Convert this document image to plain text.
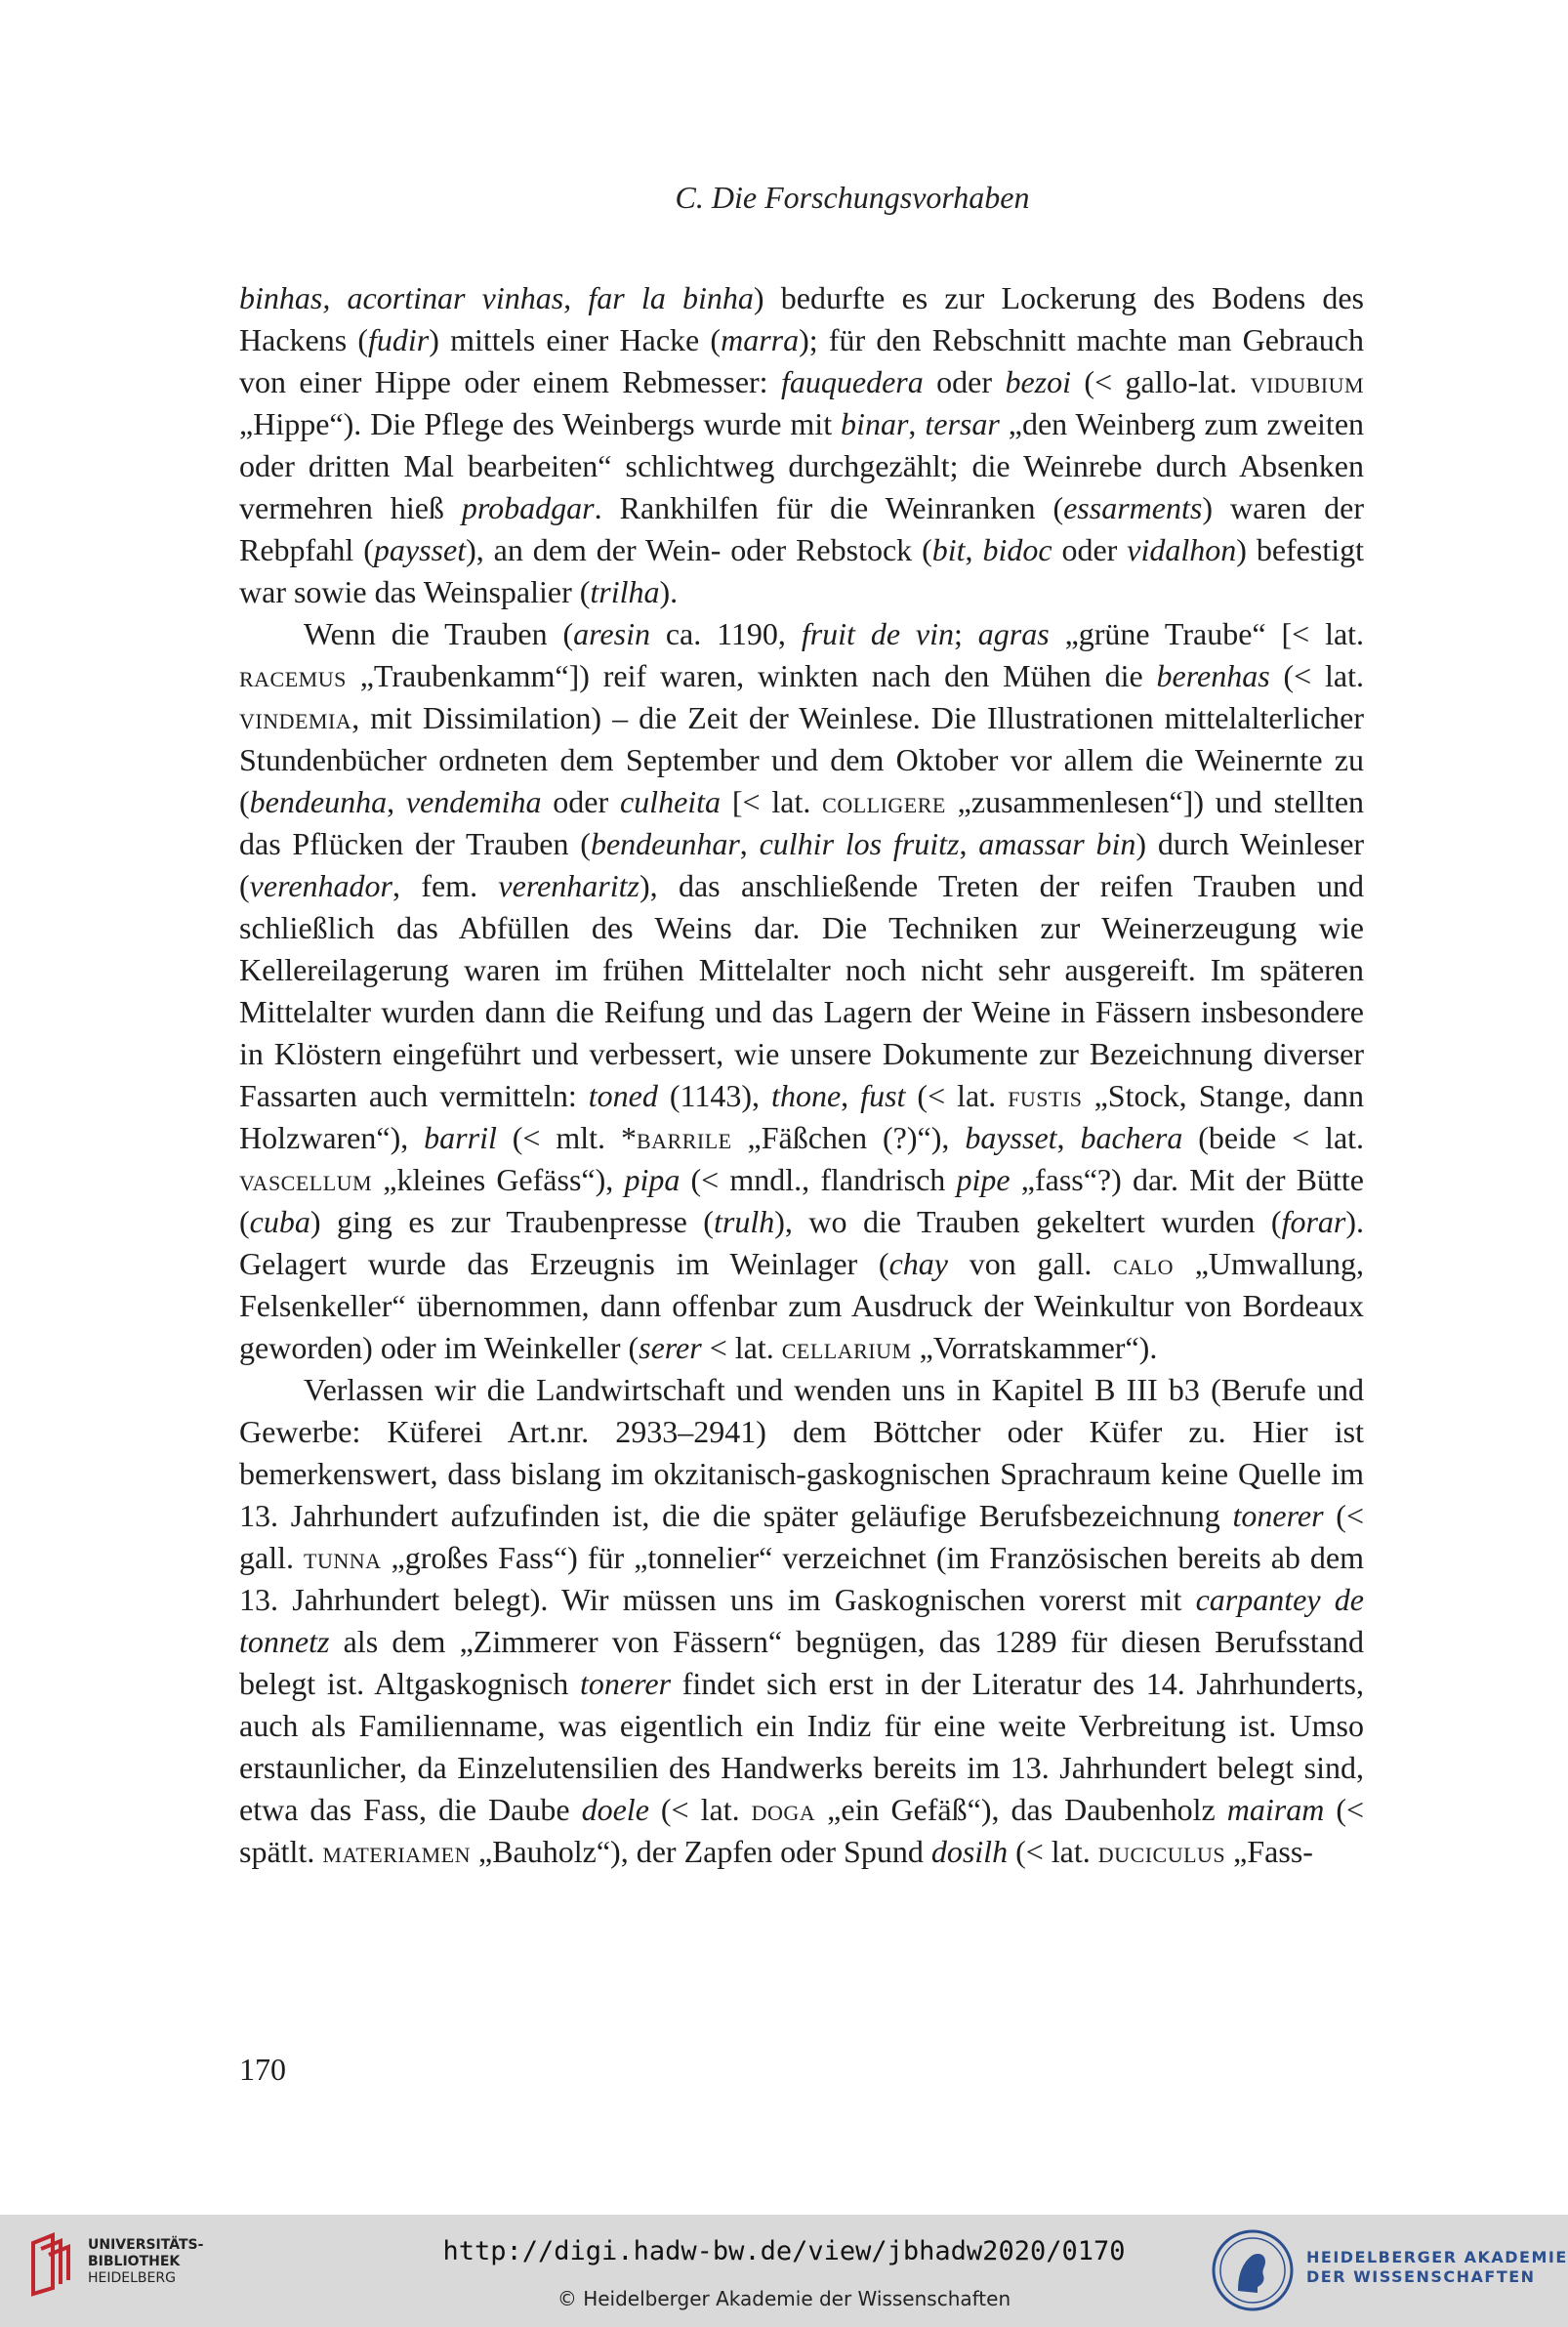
C. Die Forschungsvorhaben

binhas, acortinar vinhas, far la binha) bedurfte es zur Lockerung des Bodens des Hackens (fudir) mittels einer Hacke (marra); für den Rebschnitt machte man Gebrauch von einer Hippe oder einem Rebmesser: fauquedera oder bezoi (< gallo-lat. vidubium „Hippe“). Die Pflege des Weinbergs wurde mit binar, tersar „den Weinberg zum zweiten oder dritten Mal bearbeiten“ schlichtweg durchgezählt; die Weinrebe durch Absenken vermehren hieß probadgar. Rankhilfen für die Weinranken (essarments) waren der Rebpfahl (paysset), an dem der Wein- oder Rebstock (bit, bidoc oder vidalhon) befestigt war sowie das Weinspalier (trilha).

Wenn die Trauben (aresin ca. 1190, fruit de vin; agras „grüne Traube“ [< lat. racemus „Traubenkamm“]) reif waren, winkten nach den Mühen die berenhas (< lat. vindemia, mit Dissimilation) – die Zeit der Weinlese. Die Illustrationen mittelalterlicher Stundenbücher ordneten dem September und dem Oktober vor allem die Weinernte zu (bendeunha, vendemiha oder culheita [< lat. colligere „zusammenlesen“]) und stellten das Pflücken der Trauben (bendeunhar, culhir los fruitz, amassar bin) durch Weinleser (verenhador, fem. verenharitz), das anschließende Treten der reifen Trauben und schließlich das Abfüllen des Weins dar. Die Techniken zur Weinerzeugung wie Kellereilagerung waren im frühen Mittelalter noch nicht sehr ausgereift. Im späteren Mittelalter wurden dann die Reifung und das Lagern der Weine in Fässern insbesondere in Klöstern eingeführt und verbessert, wie unsere Dokumente zur Bezeichnung diverser Fassarten auch vermitteln: toned (1143), thone, fust (< lat. fustis „Stock, Stange, dann Holzwaren“), barril (< mlt. *barrile „Fäßchen (?)“), baysset, bachera (beide < lat. vascellum „kleines Gefäss“), pipa (< mndl., flandrisch pipe „fass“?) dar. Mit der Bütte (cuba) ging es zur Traubenpresse (trulh), wo die Trauben gekeltert wurden (forar). Gelagert wurde das Erzeugnis im Weinlager (chay von gall. calo „Umwallung, Felsenkeller“ übernommen, dann offenbar zum Ausdruck der Weinkultur von Bordeaux geworden) oder im Weinkeller (serer < lat. cellarium „Vorratskammer“).

Verlassen wir die Landwirtschaft und wenden uns in Kapitel B III b3 (Berufe und Gewerbe: Küferei Art.nr. 2933–2941) dem Böttcher oder Küfer zu. Hier ist bemerkenswert, dass bislang im okzitanisch-gaskognischen Sprachraum keine Quelle im 13. Jahrhundert aufzufinden ist, die die später geläufige Berufsbezeichnung tonerer (< gall. tunna „großes Fass“) für „tonnelier“ verzeichnet (im Französischen bereits ab dem 13. Jahrhundert belegt). Wir müssen uns im Gaskognischen vorerst mit carpantey de tonnetz als dem „Zimmerer von Fässern“ begnügen, das 1289 für diesen Berufsstand belegt ist. Altgaskognisch tonerer findet sich erst in der Literatur des 14. Jahrhunderts, auch als Familienname, was eigentlich ein Indiz für eine weite Verbreitung ist. Umso erstaunlicher, da Einzelutensilien des Handwerks bereits im 13. Jahrhundert belegt sind, etwa das Fass, die Daube doele (< lat. doga „ein Gefäß“), das Daubenholz mairam (< spätlt. materiamen „Bauholz“), der Zapfen oder Spund dosilh (< lat. duciculus „Fass-

170
UNIVERSITÄTS-
BIBLIOTHEK
HEIDELBERG
http://digi.hadw-bw.de/view/jbhadw2020/0170
© Heidelberger Akademie der Wissenschaften
HEIDELBERGER AKADEMIE
DER WISSENSCHAFTEN
